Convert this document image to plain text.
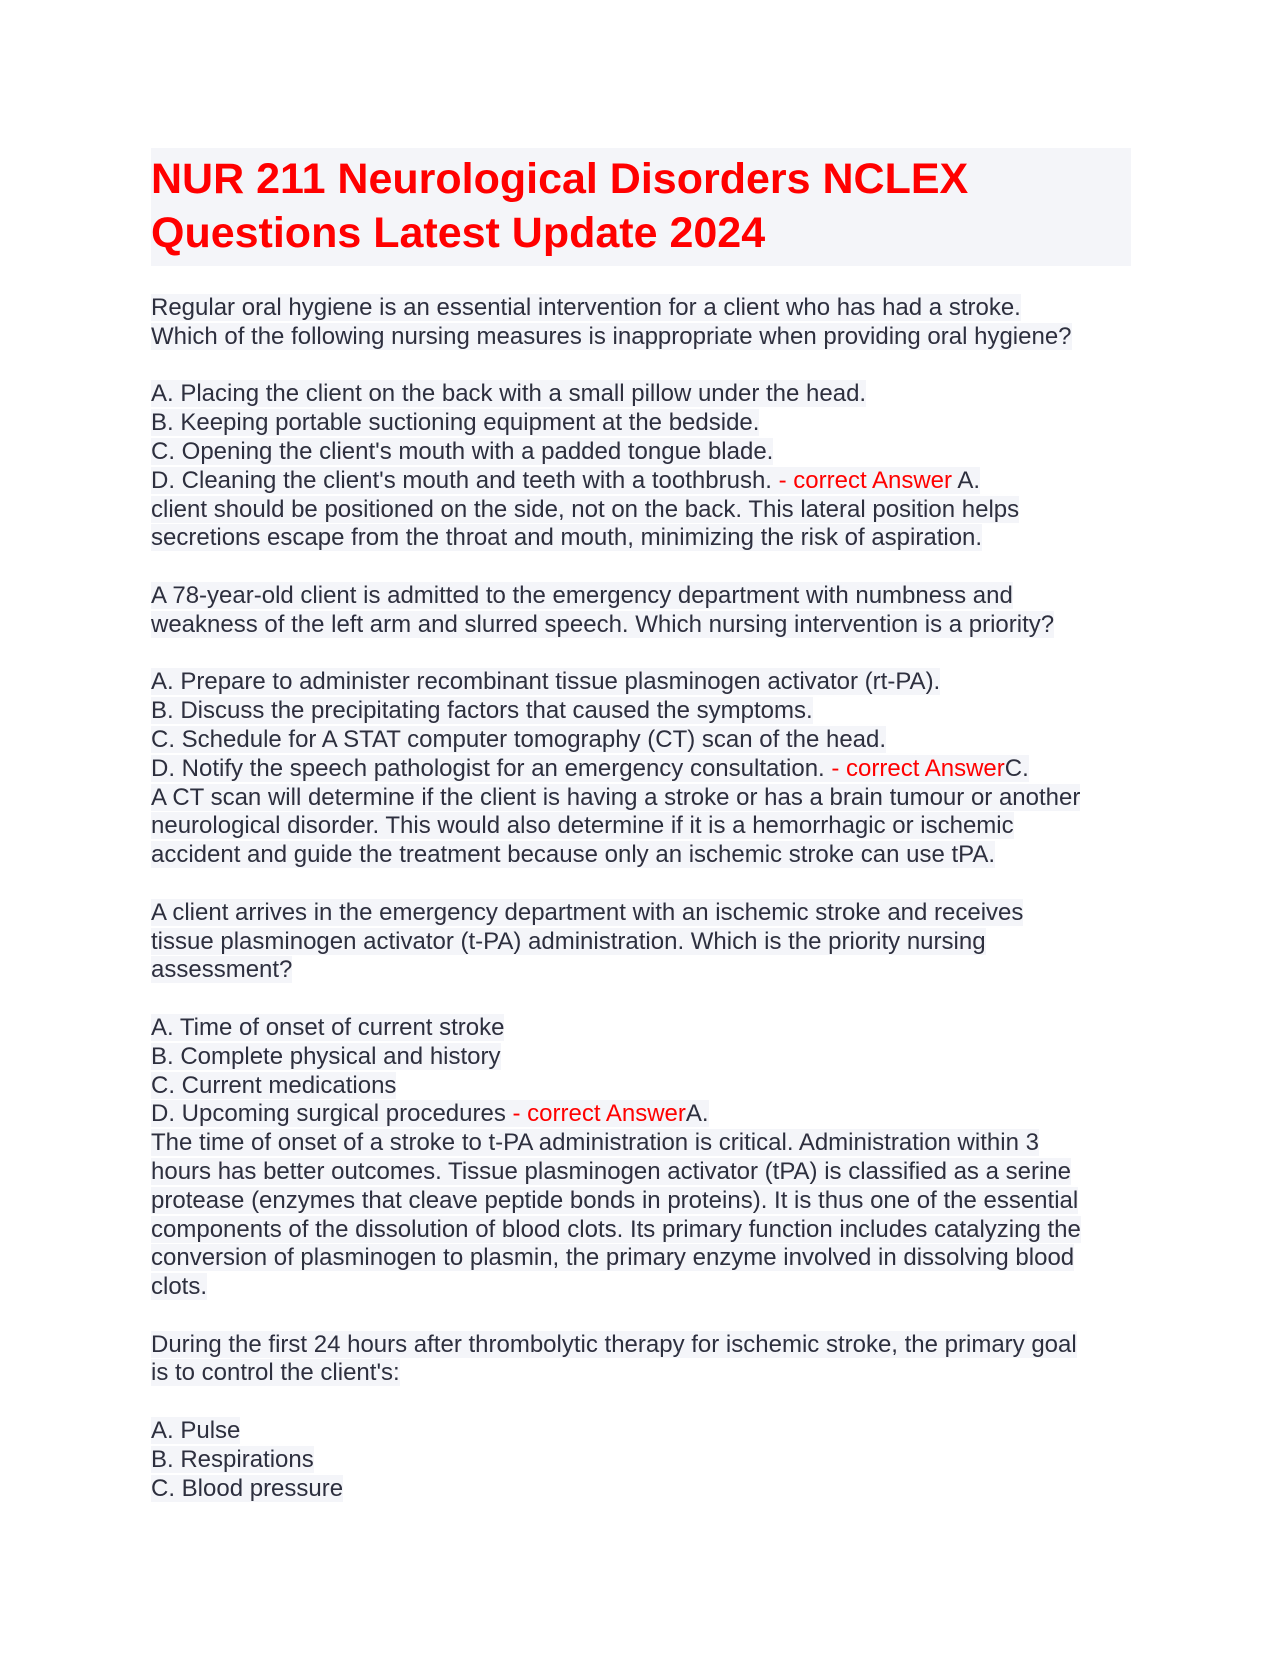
NUR 211 Neurological Disorders NCLEX
Questions Latest Update 2024
Regular oral hygiene is an essential intervention for a client who has had a stroke.
Which of the following nursing measures is inappropriate when providing oral hygiene?
A. Placing the client on the back with a small pillow under the head.
B. Keeping portable suctioning equipment at the bedside.
C. Opening the client's mouth with a padded tongue blade.
D. Cleaning the client's mouth and teeth with a toothbrush. - correct Answer A.
client should be positioned on the side, not on the back. This lateral position helps
secretions escape from the throat and mouth, minimizing the risk of aspiration.
A 78-year-old client is admitted to the emergency department with numbness and
weakness of the left arm and slurred speech. Which nursing intervention is a priority?
A. Prepare to administer recombinant tissue plasminogen activator (rt-PA).
B. Discuss the precipitating factors that caused the symptoms.
C. Schedule for A STAT computer tomography (CT) scan of the head.
D. Notify the speech pathologist for an emergency consultation. - correct AnswerC.
A CT scan will determine if the client is having a stroke or has a brain tumour or another
neurological disorder. This would also determine if it is a hemorrhagic or ischemic
accident and guide the treatment because only an ischemic stroke can use tPA.
A client arrives in the emergency department with an ischemic stroke and receives
tissue plasminogen activator (t-PA) administration. Which is the priority nursing
assessment?
A. Time of onset of current stroke
B. Complete physical and history
C. Current medications
D. Upcoming surgical procedures - correct AnswerA.
The time of onset of a stroke to t-PA administration is critical. Administration within 3
hours has better outcomes. Tissue plasminogen activator (tPA) is classified as a serine
protease (enzymes that cleave peptide bonds in proteins). It is thus one of the essential
components of the dissolution of blood clots. Its primary function includes catalyzing the
conversion of plasminogen to plasmin, the primary enzyme involved in dissolving blood
clots.
During the first 24 hours after thrombolytic therapy for ischemic stroke, the primary goal
is to control the client's:
A. Pulse
B. Respirations
C. Blood pressure
